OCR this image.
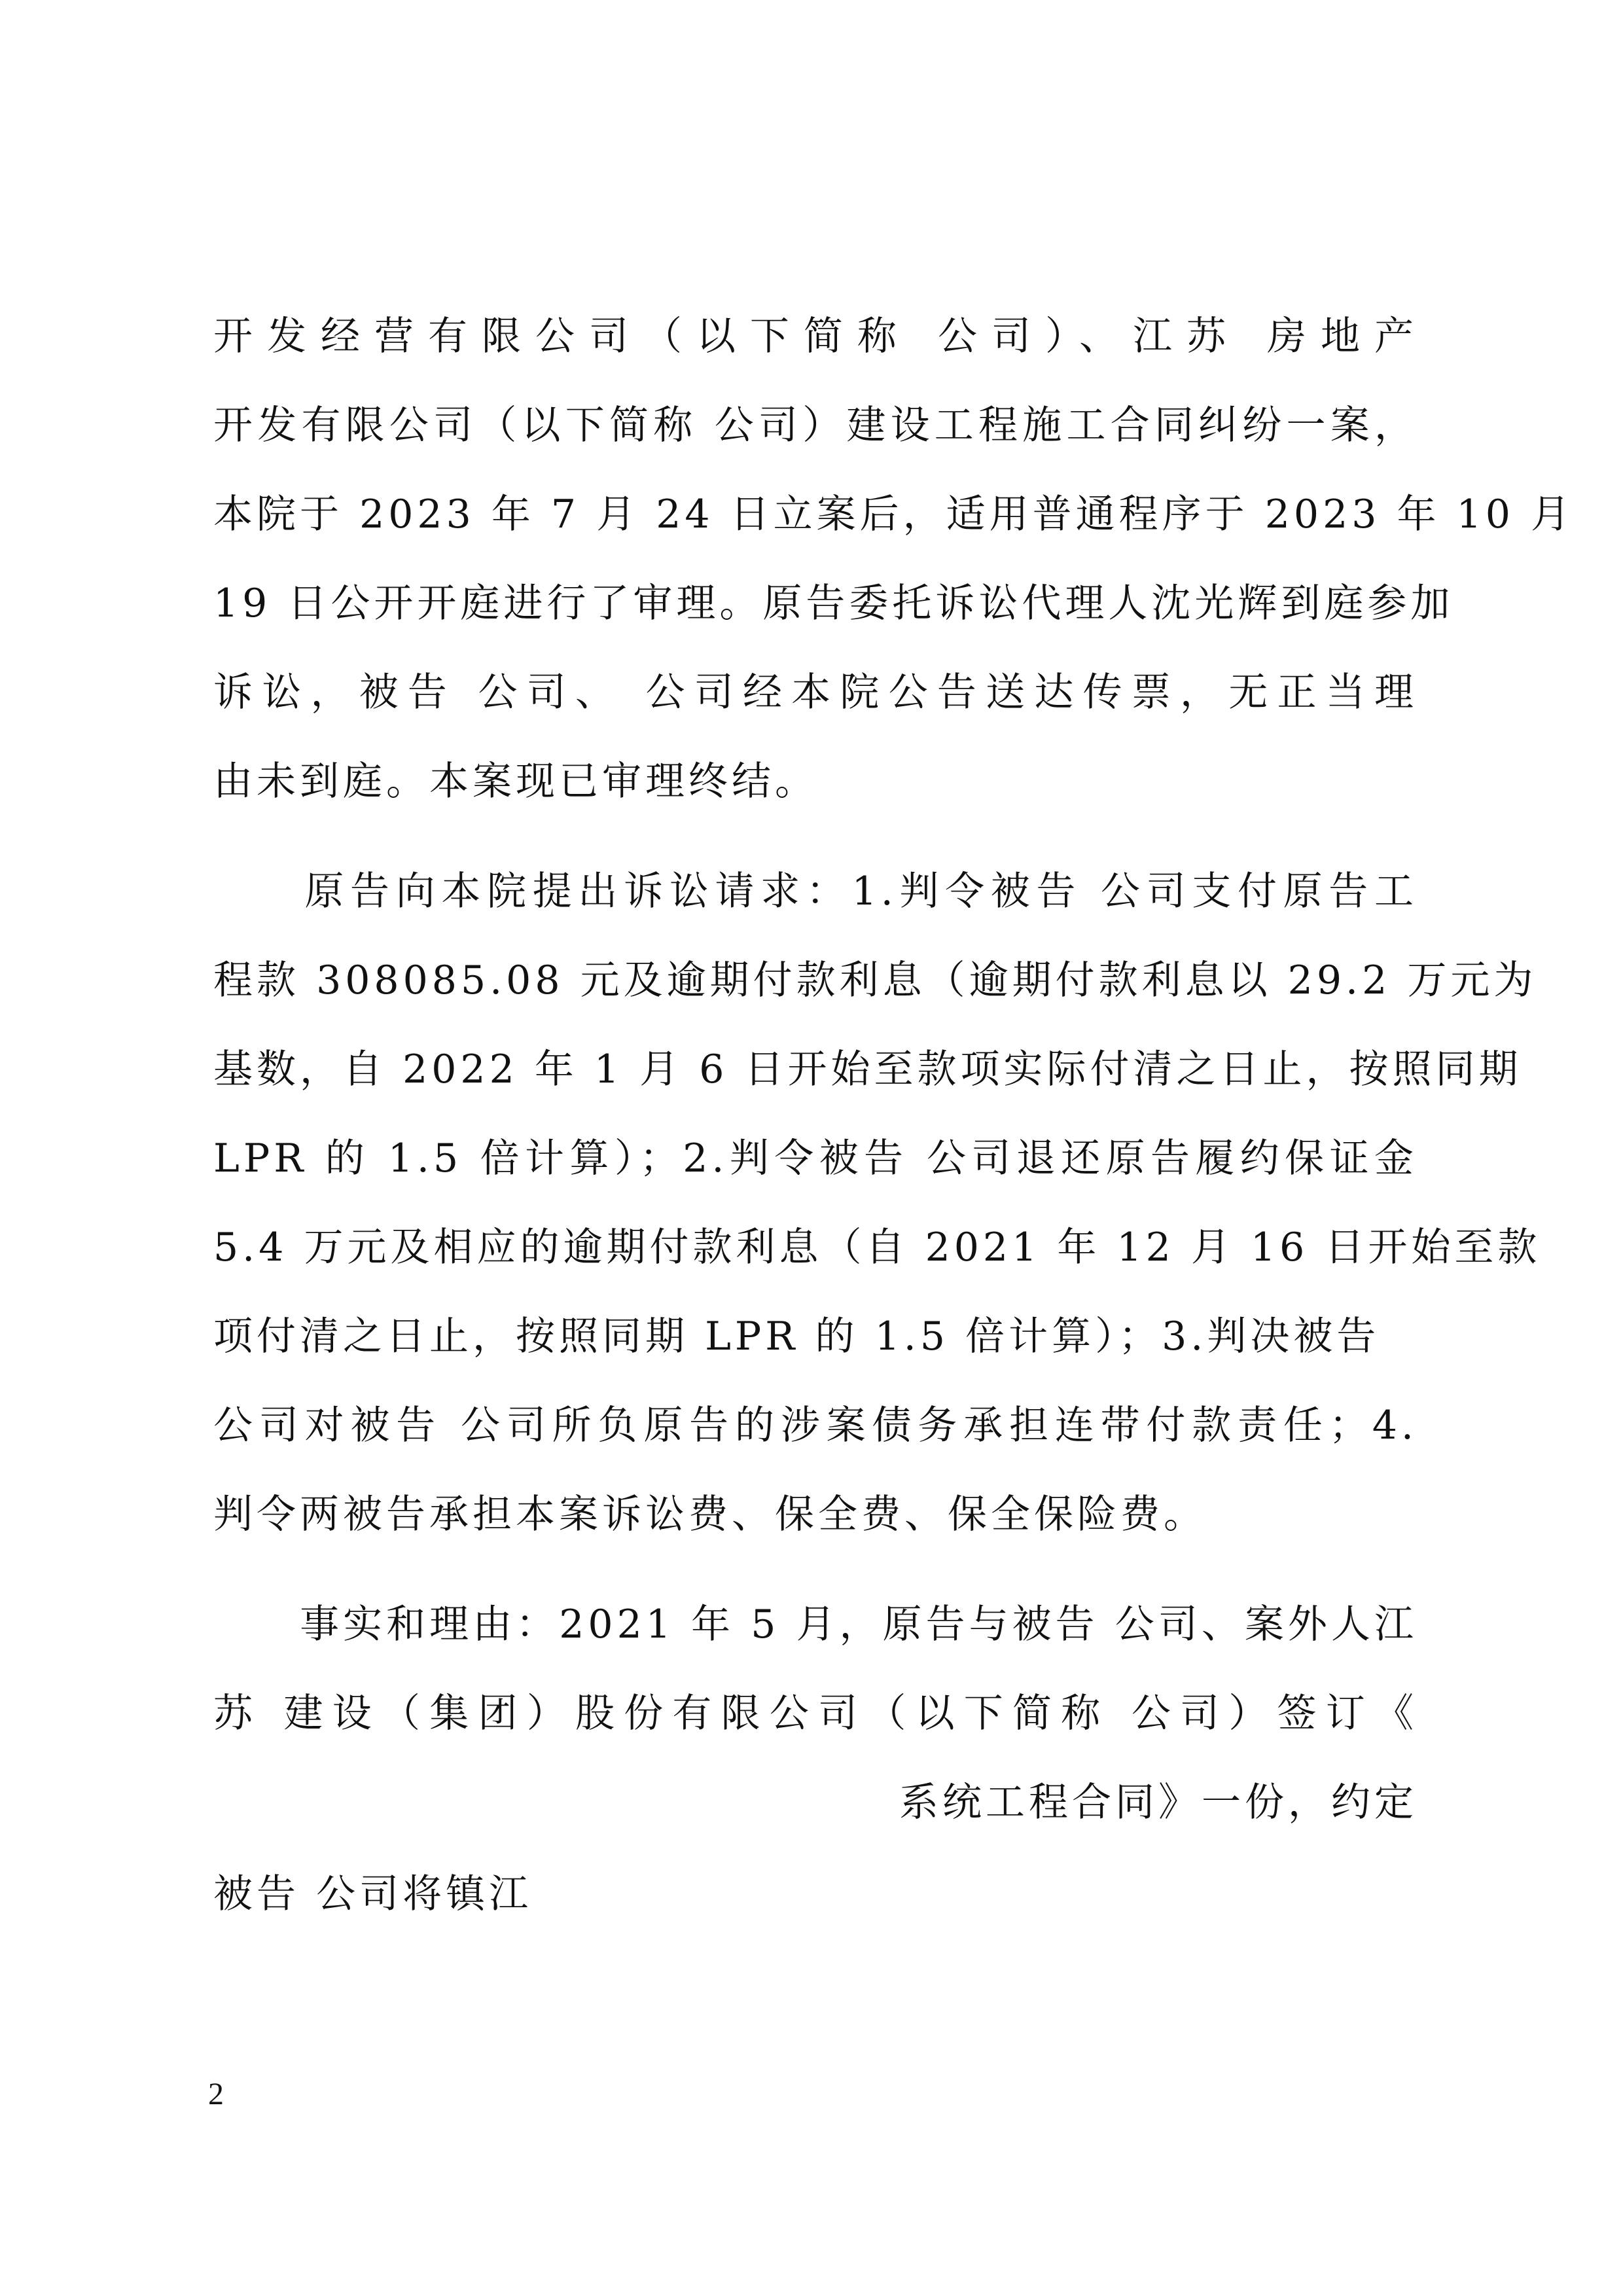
开发经营有限公司（以下简称 公司）、江苏 房地产
开发有限公司（以下简称 公司）建设工程施工合同纠纷一案，
本院于 2023 年 7 月 24 日立案后，适用普通程序于 2023 年 10 月
19 日公开开庭进行了审理。原告委托诉讼代理人沈光辉到庭参加
诉讼，被告 公司、 公司经本院公告送达传票，无正当理
由未到庭。本案现已审理终结。
　　原告向本院提出诉讼请求：1.判令被告 公司支付原告工
程款 308085.08 元及逾期付款利息（逾期付款利息以 29.2 万元为
基数，自 2022 年 1 月 6 日开始至款项实际付清之日止，按照同期
LPR 的 1.5 倍计算）；2.判令被告 公司退还原告履约保证金
5.4 万元及相应的逾期付款利息（自 2021 年 12 月 16 日开始至款
项付清之日止，按照同期 LPR 的 1.5 倍计算）；3.判决被告
公司对被告 公司所负原告的涉案债务承担连带付款责任；4.
判令两被告承担本案诉讼费、保全费、保全保险费。
　　事实和理由：2021 年 5 月，原告与被告 公司、案外人江
苏 建设（集团）股份有限公司（以下简称 公司）签订《
系统工程合同》一份，约定
被告 公司将镇江
2
